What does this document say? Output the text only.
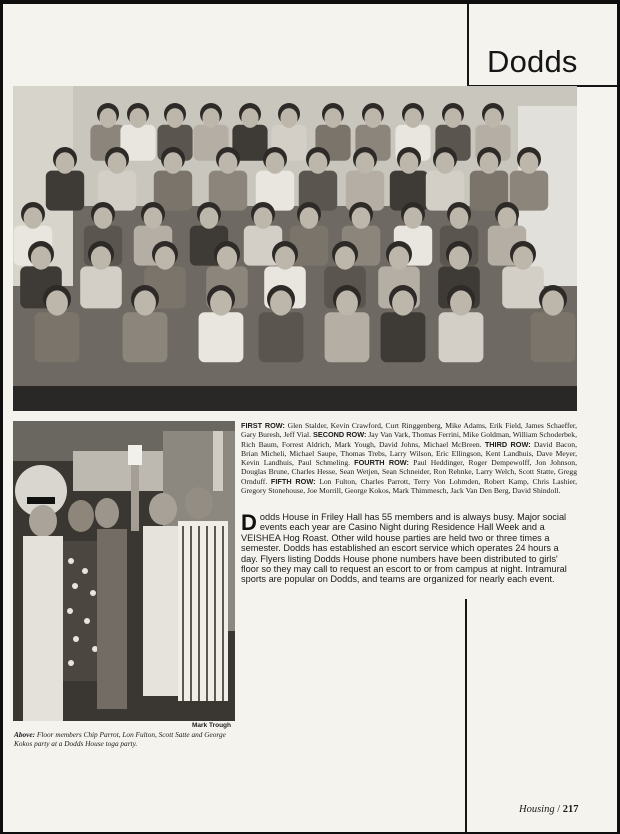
Dodds
Mark Trough
Above: Floor members Chip Parrot, Lon Fulton, Scott Satte and George Kokos party at a Dodds House toga party.
FIRST ROW: Glen Stalder, Kevin Crawford, Curt Ringgenberg, Mike Adams, Erik Field, James Schaeffer, Gary Buresh, Jeff Vial. SECOND ROW: Jay Van Vark, Thomas Ferrini, Mike Goldman, William Schoderbek, Rich Baum, Forrest Aldrich, Mark Yough, David Johns, Michael McBreen. THIRD ROW: David Bacon, Brian Micheli, Michael Saupe, Thomas Trebs, Larry Wilson, Eric Ellingson, Kent Landhuis, Dave Meyer, Kevin Landhuis, Paul Schmeling. FOURTH ROW: Paul Heddinger, Roger Dempewolff, Jon Johnson, Douglas Brune, Charles Hesse, Sean Wetjen, Sean Schneider, Ron Rehnke, Larry Welch, Scott Statte, Gregg Ornduff. FIFTH ROW: Lon Fulton, Charles Parrott, Terry Von Lohmden, Robert Kamp, Chris Lashier, Gregory Stonehouse, Joe Morrill, George Kokos, Mark Thimmesch, Jack Van Den Berg, David Shindoll.
Dodds House in Friley Hall has 55 members and is always busy. Major social events each year are Casino Night during Residence Hall Week and a VEISHEA Hog Roast. Other wild house parties are held two or three times a semester. Dodds has established an escort service which operates 24 hours a day. Flyers listing Dodds House phone numbers have been distributed to girls' floor so they may call to request an escort to or from campus at night. Intramural sports are popular on Dodds, and teams are organized for nearly each event.
Housing / 217
